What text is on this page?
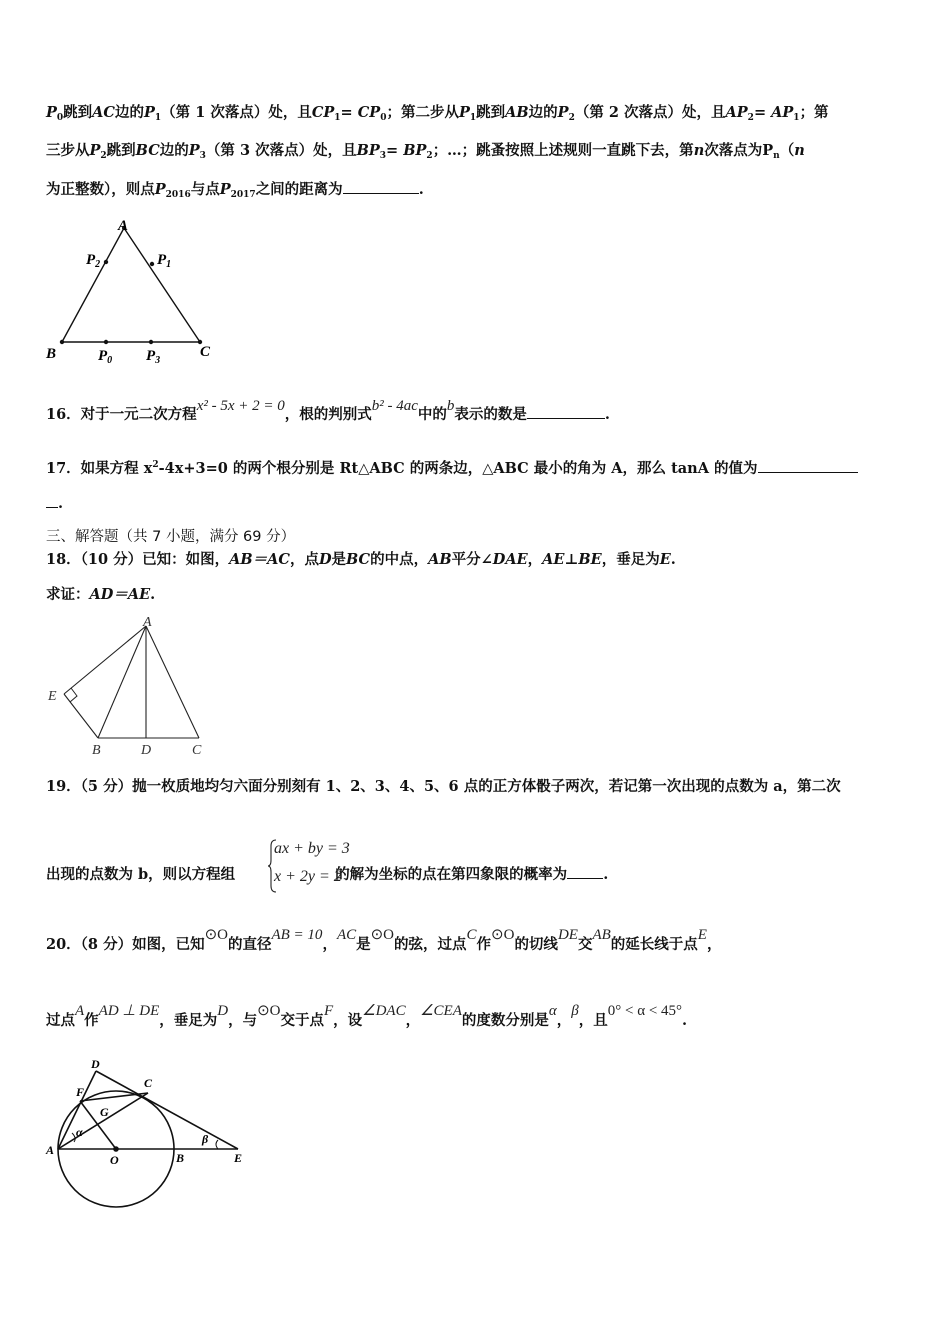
$P_0$跳到AC边的$P_1$（第 1 次落点）处，且$CP_1= CP_0$；第二步从$P_1$跳到AB边的$P_2$（第 2 次落点）处，且$AP_2= AP_1$；第
三步从$P_2$跳到BC边的$P_3$（第 3 次落点）处，且$BP_3= BP_2$；…；跳蚤按照上述规则一直跳下去，第n次落点为$P_n(n$
为正整数），则点$P_{2016}$与点$P_{2017}$之间的距离为	.
A
B	C
$P_0$ $P_3$
$P_2$	$P_1$
16．对于一元二次方程x² - 5x + 2 = 0，根的判别式b² - 4ac中的b表示的数是	.
17．如果方程 $x^2-4x+3=0$ 的两个根分别是 Rt△ABC 的两条边，△ABC 最小的角为 A，那么 tanA 的值为
.
三、解答题（共 7 小题，满分 69 分）
18．（10 分）已知：如图，AB＝AC，点D是BC的中点，AB平分∠DAE，AE⊥BE，垂足为E.
求证：AD＝AE.
A
E
B	D	C
19．（5 分）抛一枚质地均匀六面分别刻有 1、2、3、4、5、6 点的正方体骰子两次，若记第一次出现的点数为 a，第二次
出现的点数为 b，则以方程组	的解为坐标的点在第四象限的概率为 .
ax + by = 3
x + 2y = 2
20．（8 分）如图，已知⊙O的直径AB = 10，AC是⊙O的弦，过点C作⊙O的切线DE交AB的延长线于点E，
过点A作AD ⊥ DE，垂足为D，与⊙O交于点F，设∠DAC，∠CEA的度数分别是α，β，且0° < α < 45°.
D
F
C
G
α
A
O	B
β
E
